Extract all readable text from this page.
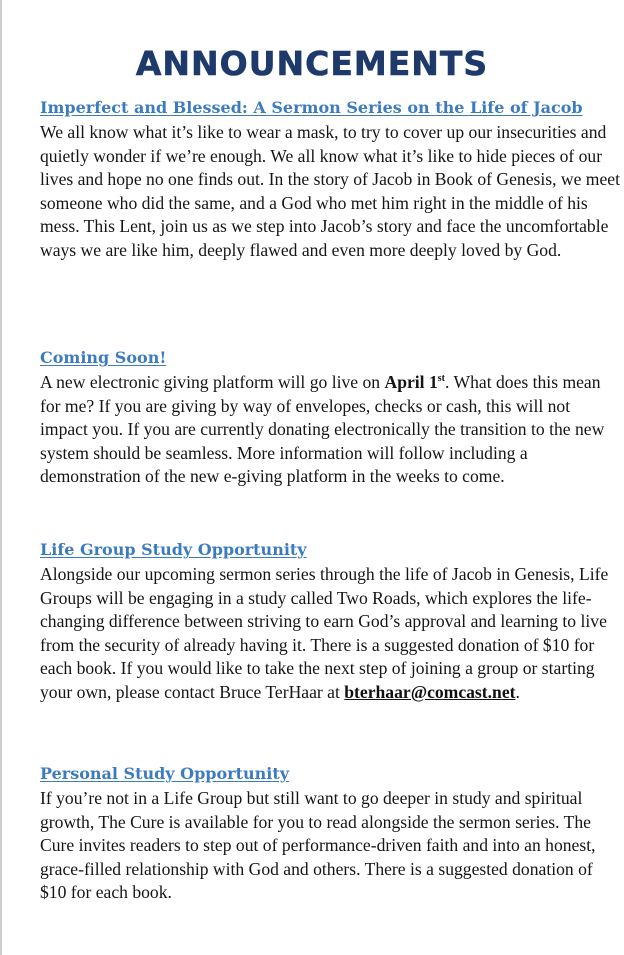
ANNOUNCEMENTS
Imperfect and Blessed: A Sermon Series on the Life of Jacob

We all know what it’s like to wear a mask, to try to cover up our insecurities and quietly wonder if we’re enough. We all know what it’s like to hide pieces of our lives and hope no one finds out. In the story of Jacob in Book of Genesis, we meet someone who did the same, and a God who met him right in the middle of his mess. This Lent, join us as we step into Jacob’s story and face the uncomfortable ways we are like him, deeply flawed and even more deeply loved by God.

Coming Soon!

A new electronic giving platform will go live on April 1st. What does this mean for me? If you are giving by way of envelopes, checks or cash, this will not impact you. If you are currently donating electronically the transition to the new system should be seamless. More information will follow including a demonstration of the new e-giving platform in the weeks to come.

Life Group Study Opportunity

Alongside our upcoming sermon series through the life of Jacob in Genesis, Life Groups will be engaging in a study called Two Roads, which explores the life-changing difference between striving to earn God’s approval and learning to live from the security of already having it. There is a suggested donation of $10 for each book. If you would like to take the next step of joining a group or starting your own, please contact Bruce TerHaar at bterhaar@comcast.net.

Personal Study Opportunity

If you’re not in a Life Group but still want to go deeper in study and spiritual growth, The Cure is available for you to read alongside the sermon series. The Cure invites readers to step out of performance-driven faith and into an honest, grace-filled relationship with God and others. There is a suggested donation of $10 for each book.
